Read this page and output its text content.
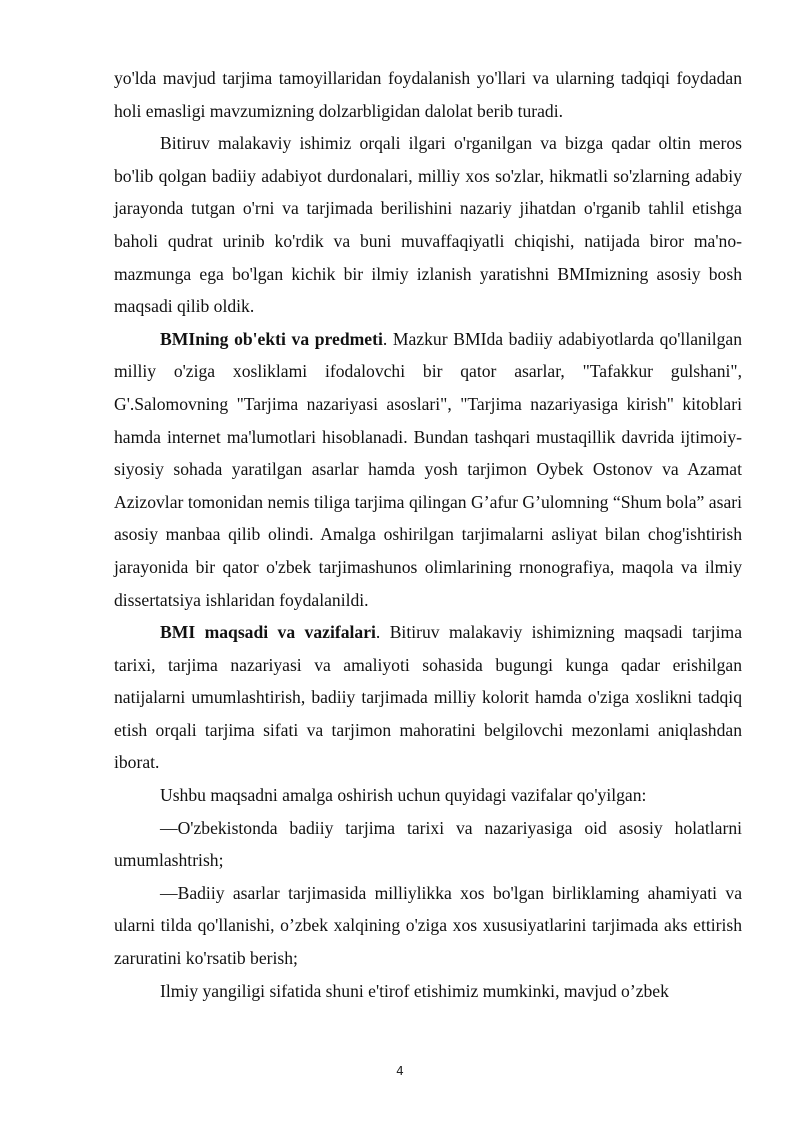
yo'lda mavjud tarjima tamoyillaridan foydalanish yo'llari va ularning tadqiqi foydadan holi emasligi mavzumizning dolzarbligidan dalolat berib turadi.

Bitiruv malakaviy ishimiz orqali ilgari o'rganilgan va bizga qadar oltin meros bo'lib qolgan badiiy adabiyot durdonalari, milliy xos so'zlar, hikmatli so'zlarning adabiy jarayonda tutgan o'rni va tarjimada berilishini nazariy jihatdan o'rganib tahlil etishga baholi qudrat urinib ko'rdik va buni muvaffaqiyatli chiqishi, natijada biror ma'no-mazmunga ega bo'lgan kichik bir ilmiy izlanish yaratishni BMImizning asosiy bosh maqsadi qilib oldik.

BMIning ob'ekti va predmeti. Mazkur BMIda badiiy adabiyotlarda qo'llanilgan milliy o'ziga xosliklami ifodalovchi bir qator asarlar, "Tafakkur gulshani", G'.Salomovning "Tarjima nazariyasi asoslari", "Tarjima nazariyasiga kirish" kitoblari hamda internet ma'lumotlari hisoblanadi. Bundan tashqari mustaqillik davrida ijtimoiy-siyosiy sohada yaratilgan asarlar hamda yosh tarjimon Oybek Ostonov va Azamat Azizovlar tomonidan nemis tiliga tarjima qilingan G’afur G’ulomning “Shum bola” asari asosiy manbaa qilib olindi. Amalga oshirilgan tarjimalarni asliyat bilan chog'ishtirish jarayonida bir qator o'zbek tarjimashunos olimlarining rnonografiya, maqola va ilmiy dissertatsiya ishlaridan foydalanildi.

BMI maqsadi va vazifalari. Bitiruv malakaviy ishimizning maqsadi tarjima tarixi, tarjima nazariyasi va amaliyoti sohasida bugungi kunga qadar erishilgan natijalarni umumlashtirish, badiiy tarjimada milliy kolorit hamda o'ziga xoslikni tadqiq etish orqali tarjima sifati va tarjimon mahoratini belgilovchi mezonlami aniqlashdan iborat.

Ushbu maqsadni amalga oshirish uchun quyidagi vazifalar qo'yilgan:

—O'zbekistonda badiiy tarjima tarixi va nazariyasiga oid asosiy holatlarni umumlashtrish;

—Badiiy asarlar tarjimasida milliylikka xos bo'lgan birliklaming ahamiyati va ularni tilda qo'llanishi, o’zbek xalqining o'ziga xos xususiyatlarini tarjimada aks ettirish zaruratini ko'rsatib berish;

Ilmiy yangiligi sifatida shuni e'tirof etishimiz mumkinki, mavjud o’zbek

4
